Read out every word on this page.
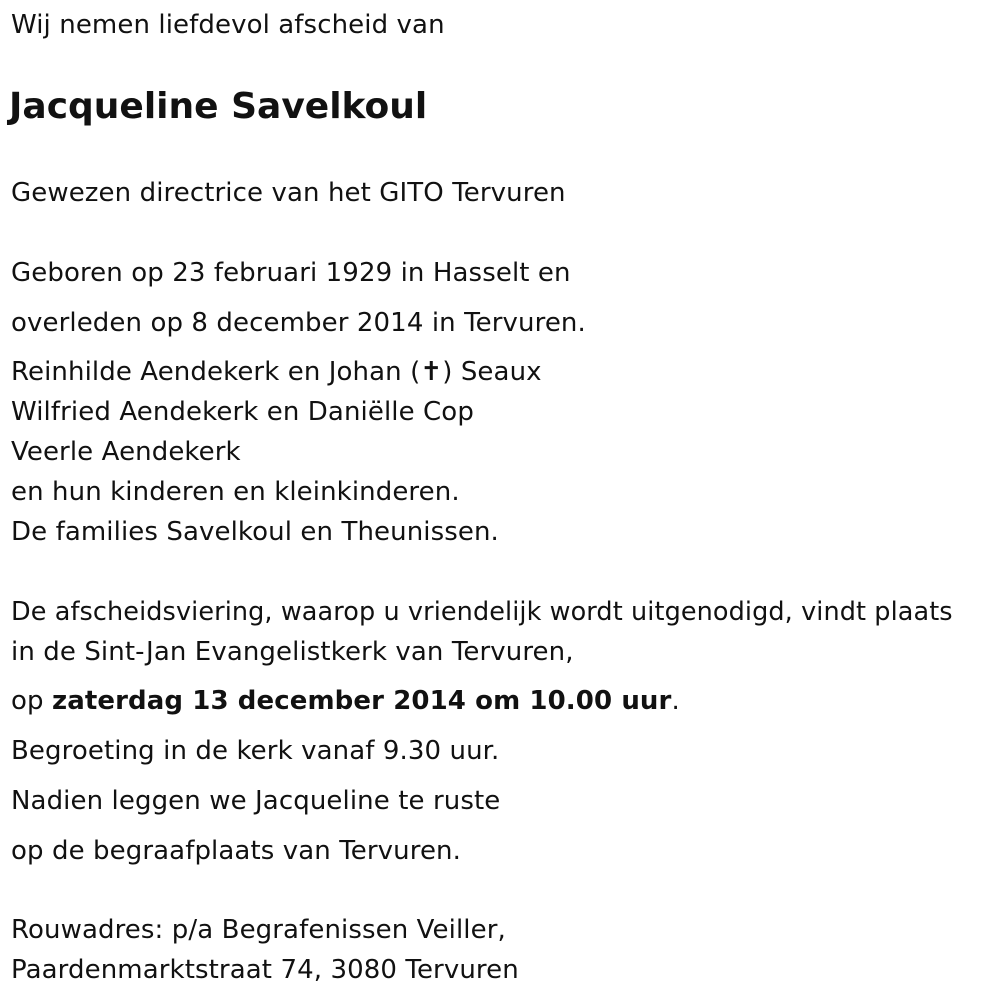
Wij nemen liefdevol afscheid van
Jacqueline Savelkoul
Gewezen directrice van het GITO Tervuren
Geboren op 23 februari 1929 in Hasselt en
overleden op 8 december 2014 in Tervuren.
Reinhilde Aendekerk en Johan (✝) Seaux
Wilfried Aendekerk en Daniëlle Cop
Veerle Aendekerk
en hun kinderen en kleinkinderen.
De families Savelkoul en Theunissen.
De afscheidsviering, waarop u vriendelijk wordt uitgenodigd, vindt plaats
in de Sint-Jan Evangelistkerk van Tervuren,
op zaterdag 13 december 2014 om 10.00 uur.
Begroeting in de kerk vanaf 9.30 uur.
Nadien leggen we Jacqueline te ruste
op de begraafplaats van Tervuren.
Rouwadres: p/a Begrafenissen Veiller,
Paardenmarktstraat 74, 3080 Tervuren
